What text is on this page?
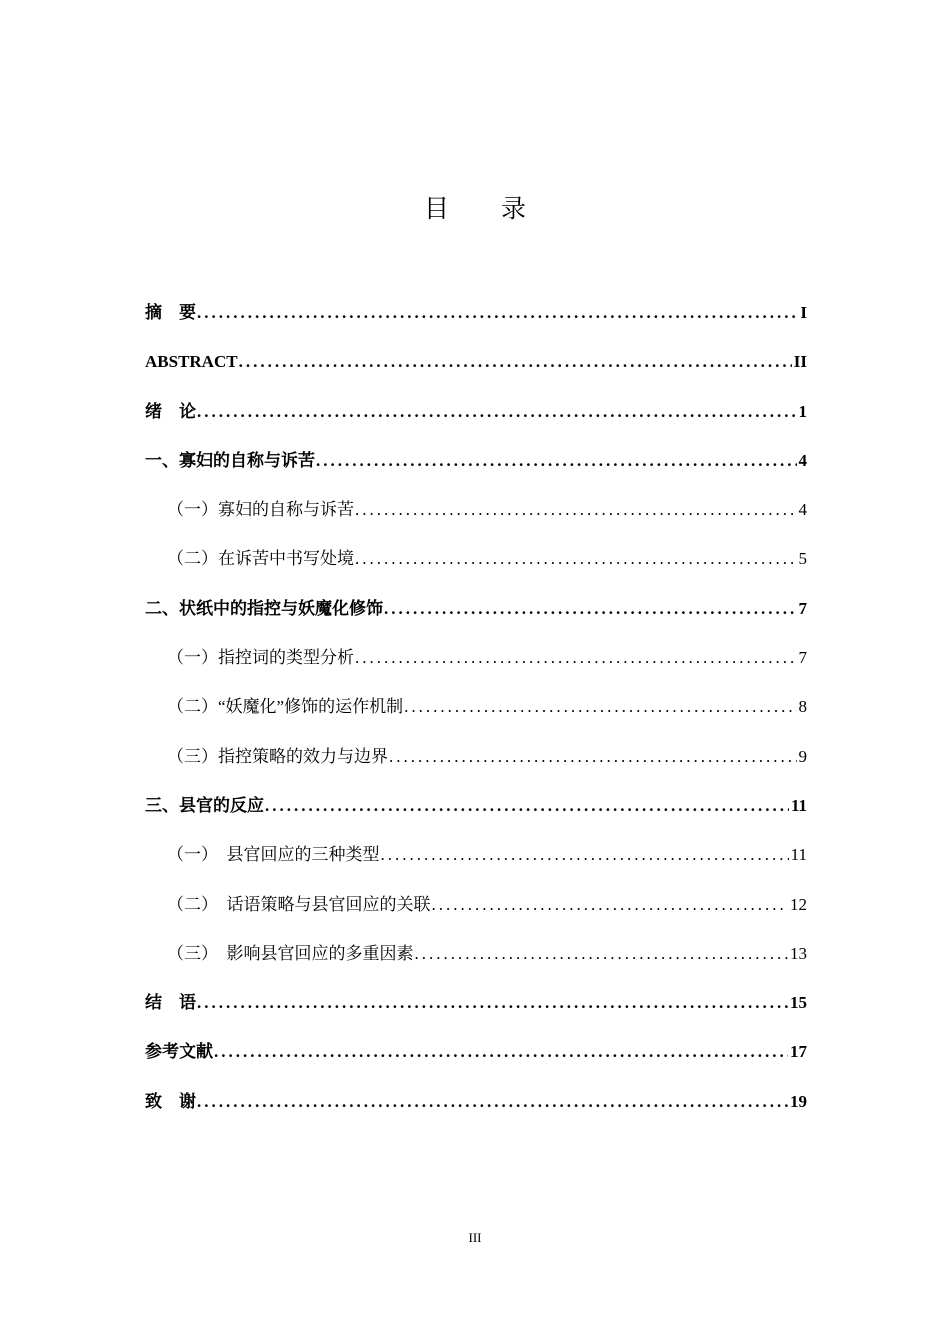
目 录
摘　要 .....	I
ABSTRACT .....	II
绪　论 .....	1
一、寡妇的自称与诉苦 .....	4
（一）寡妇的自称与诉苦 .....	4
（二）在诉苦中书写处境 .....	5
二、状纸中的指控与妖魔化修饰 .....	7
（一）指控词的类型分析 .....	7
（二）“妖魔化”修饰的运作机制 .....	8
（三）指控策略的效力与边界 .....	9
三、县官的反应 .....	11
（一）　县官回应的三种类型 .....	11
（二）　话语策略与县官回应的关联 .....	12
（三）　影响县官回应的多重因素 .....	13
结　语 .....	15
参考文献 .....	17
致　谢 .....	19
III
